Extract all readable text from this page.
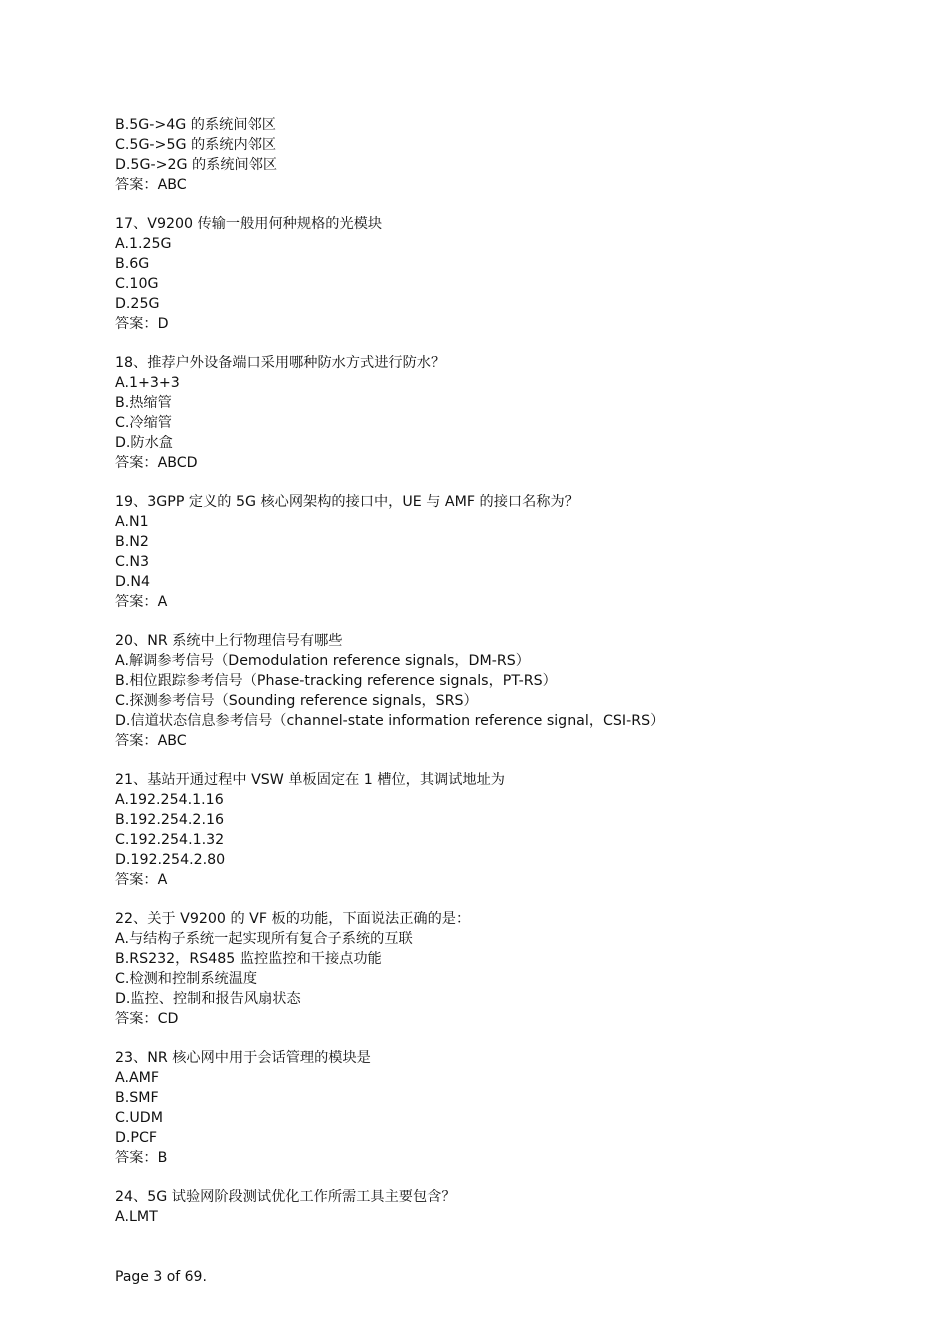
B.5G->4G 的系统间邻区
C.5G->5G 的系统内邻区
D.5G->2G 的系统间邻区
答案：ABC
17、V9200 传输一般用何种规格的光模块
A.1.25G
B.6G
C.10G
D.25G
答案：D
18、推荐户外设备端口采用哪种防水方式进行防水？
A.1+3+3
B.热缩管
C.冷缩管
D.防水盒
答案：ABCD
19、3GPP 定义的 5G 核心网架构的接口中，UE 与 AMF 的接口名称为？
A.N1
B.N2
C.N3
D.N4
答案：A
20、NR 系统中上行物理信号有哪些
A.解调参考信号（Demodulation reference signals，DM-RS）
B.相位跟踪参考信号（Phase-tracking reference signals，PT-RS）
C.探测参考信号（Sounding reference signals，SRS）
D.信道状态信息参考信号（channel-state information reference signal，CSI-RS）
答案：ABC
21、基站开通过程中 VSW 单板固定在 1 槽位，其调试地址为
A.192.254.1.16
B.192.254.2.16
C.192.254.1.32
D.192.254.2.80
答案：A
22、关于 V9200 的 VF 板的功能，下面说法正确的是：
A.与结构子系统一起实现所有复合子系统的互联
B.RS232，RS485 监控监控和干接点功能
C.检测和控制系统温度
D.监控、控制和报告风扇状态
答案：CD
23、NR 核心网中用于会话管理的模块是
A.AMF
B.SMF
C.UDM
D.PCF
答案：B
24、5G 试验网阶段测试优化工作所需工具主要包含？
A.LMT
Page 3 of 69.
